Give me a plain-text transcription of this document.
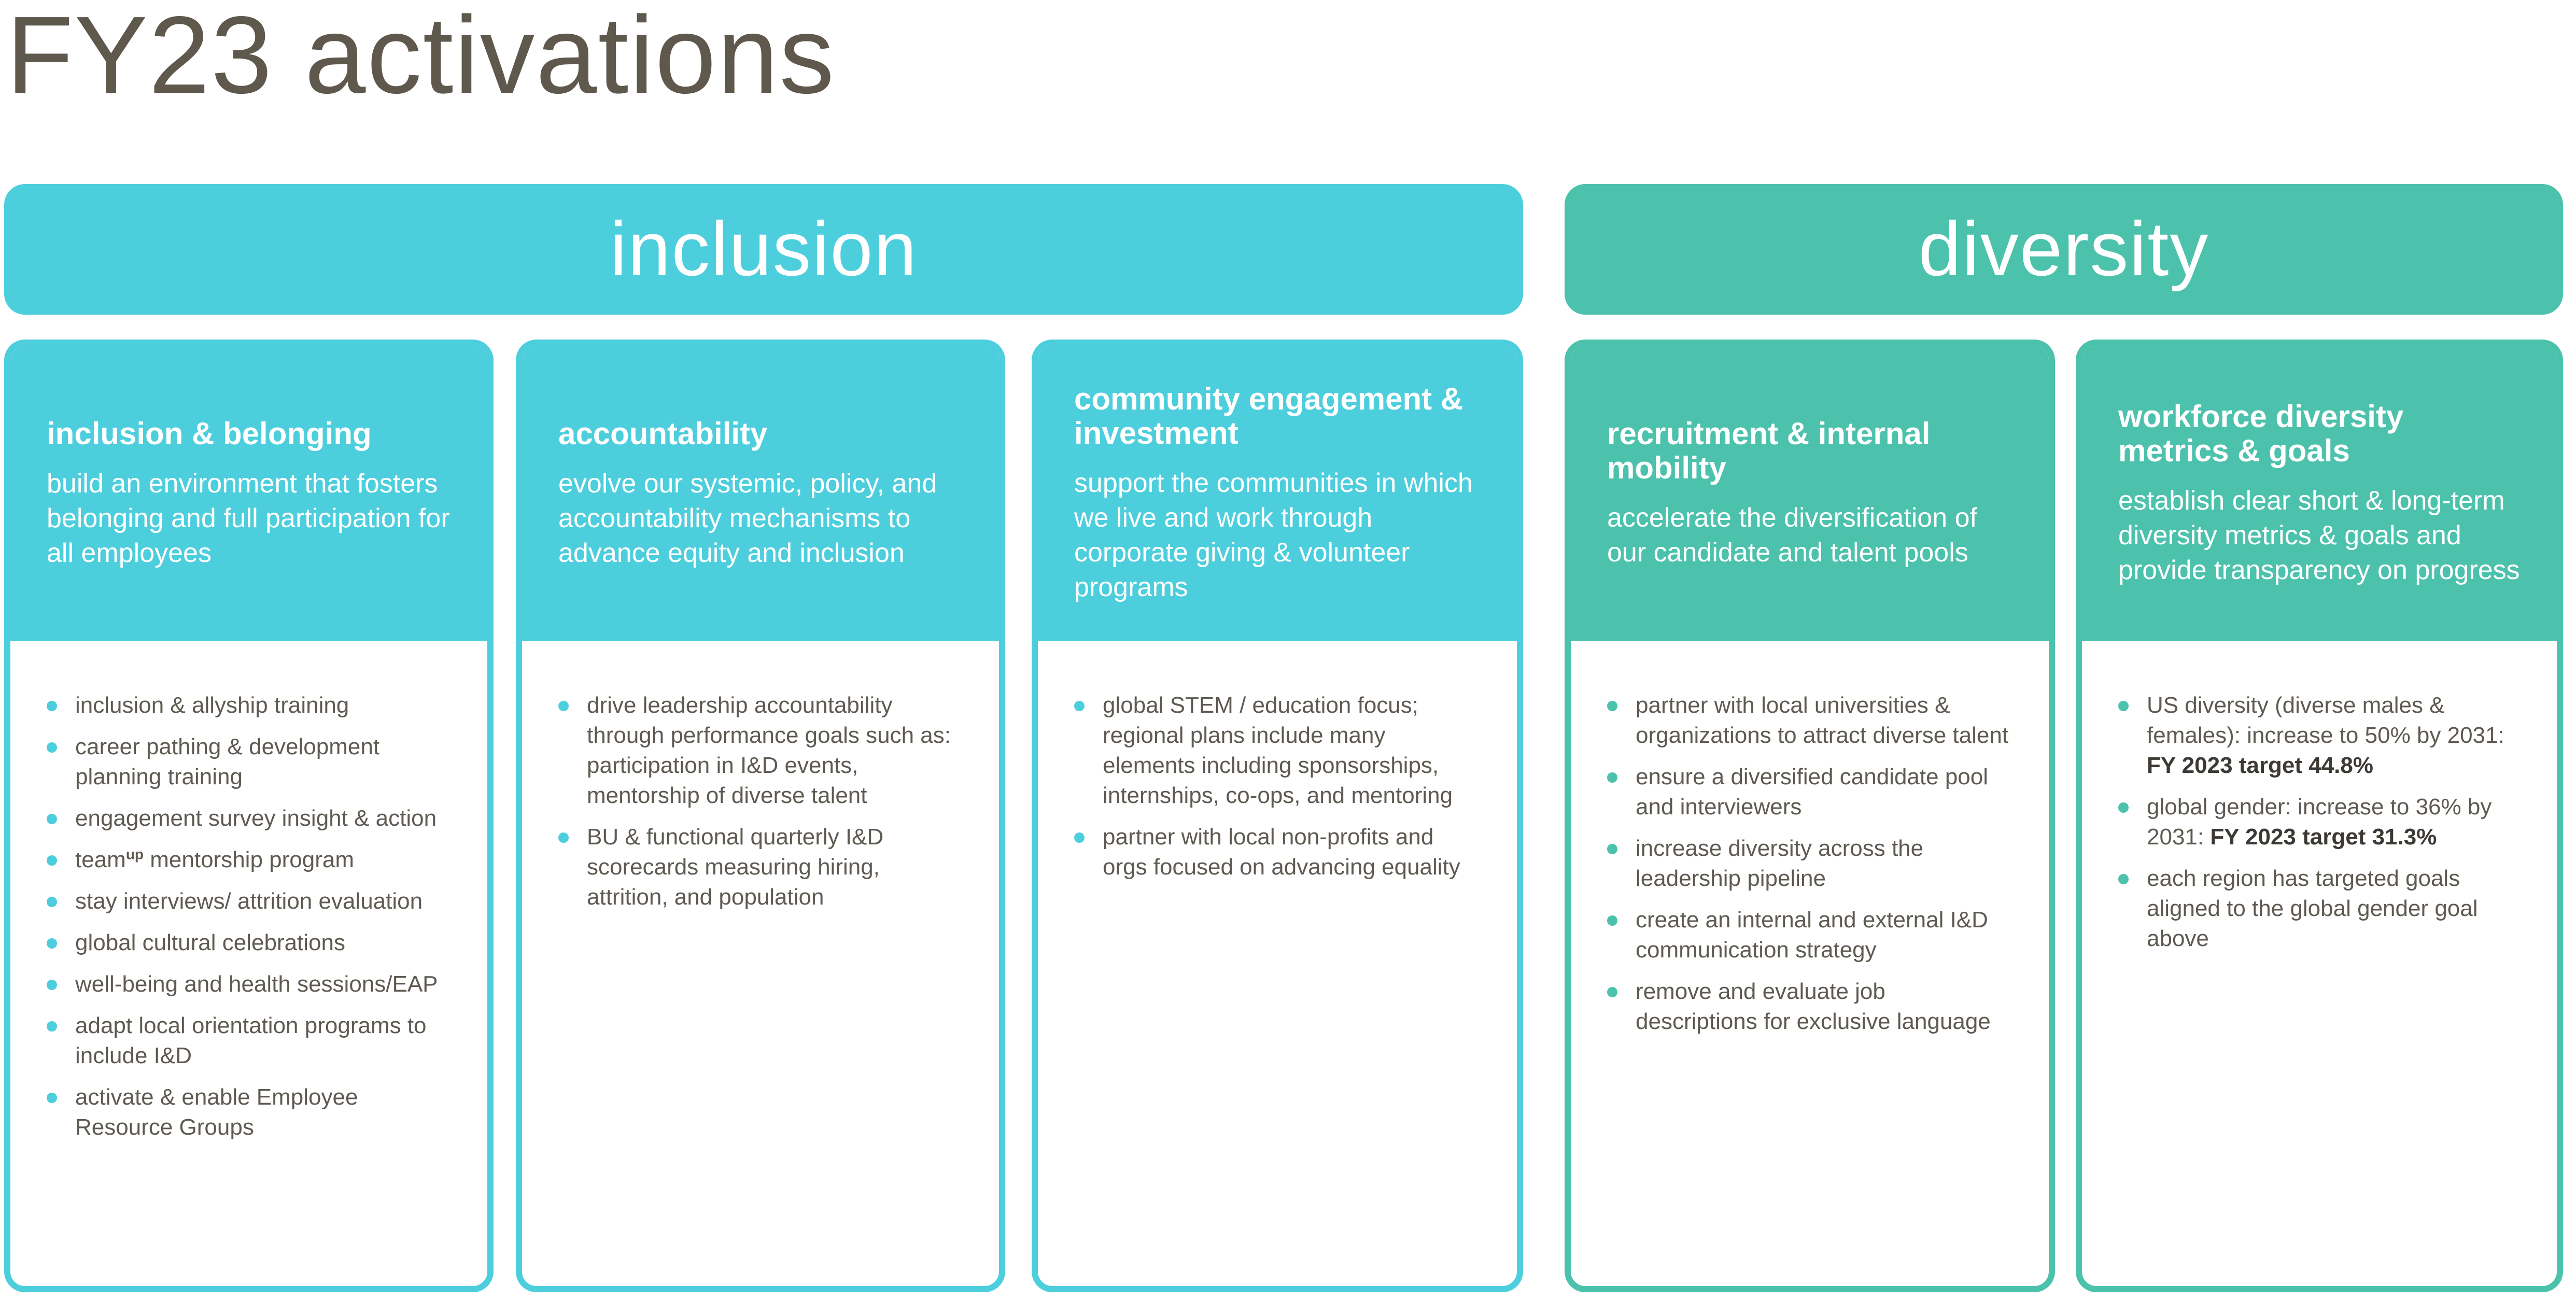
FY23 activations
inclusion	diversity
inclusion & belonging

build an environment that fosters belonging and full participation for all employees

inclusion & allyship training
career pathing & development planning training
engagement survey insight & action
team$^{up}$ mentorship program
stay interviews/ attrition evaluation
global cultural celebrations
well-being and health sessions/EAP
adapt local orientation programs to include I&D
activate & enable Employee Resource Groups
accountability

evolve our systemic, policy, and accountability mechanisms to advance equity and inclusion

drive leadership accountability through performance goals such as: participation in I&D events, mentorship of diverse talent
BU & functional quarterly I&D scorecards measuring hiring, attrition, and population
community engagement & investment

support the communities in which we live and work through corporate giving & volunteer programs

global STEM / education focus; regional plans include many elements including sponsorships, internships, co-ops, and mentoring
partner with local non-profits and orgs focused on advancing equality
recruitment & internal mobility

accelerate the diversification of our candidate and talent pools

partner with local universities & organizations to attract diverse talent
ensure a diversified candidate pool and interviewers
increase diversity across the leadership pipeline
create an internal and external I&D communication strategy
remove and evaluate job descriptions for exclusive language
workforce diversity metrics & goals

establish clear short & long-term diversity metrics & goals and provide transparency on progress

US diversity (diverse males & females): increase to 50% by 2031: FY 2023 target 44.8%
global gender: increase to 36% by 2031: FY 2023 target 31.3%
each region has targeted goals aligned to the global gender goal above
